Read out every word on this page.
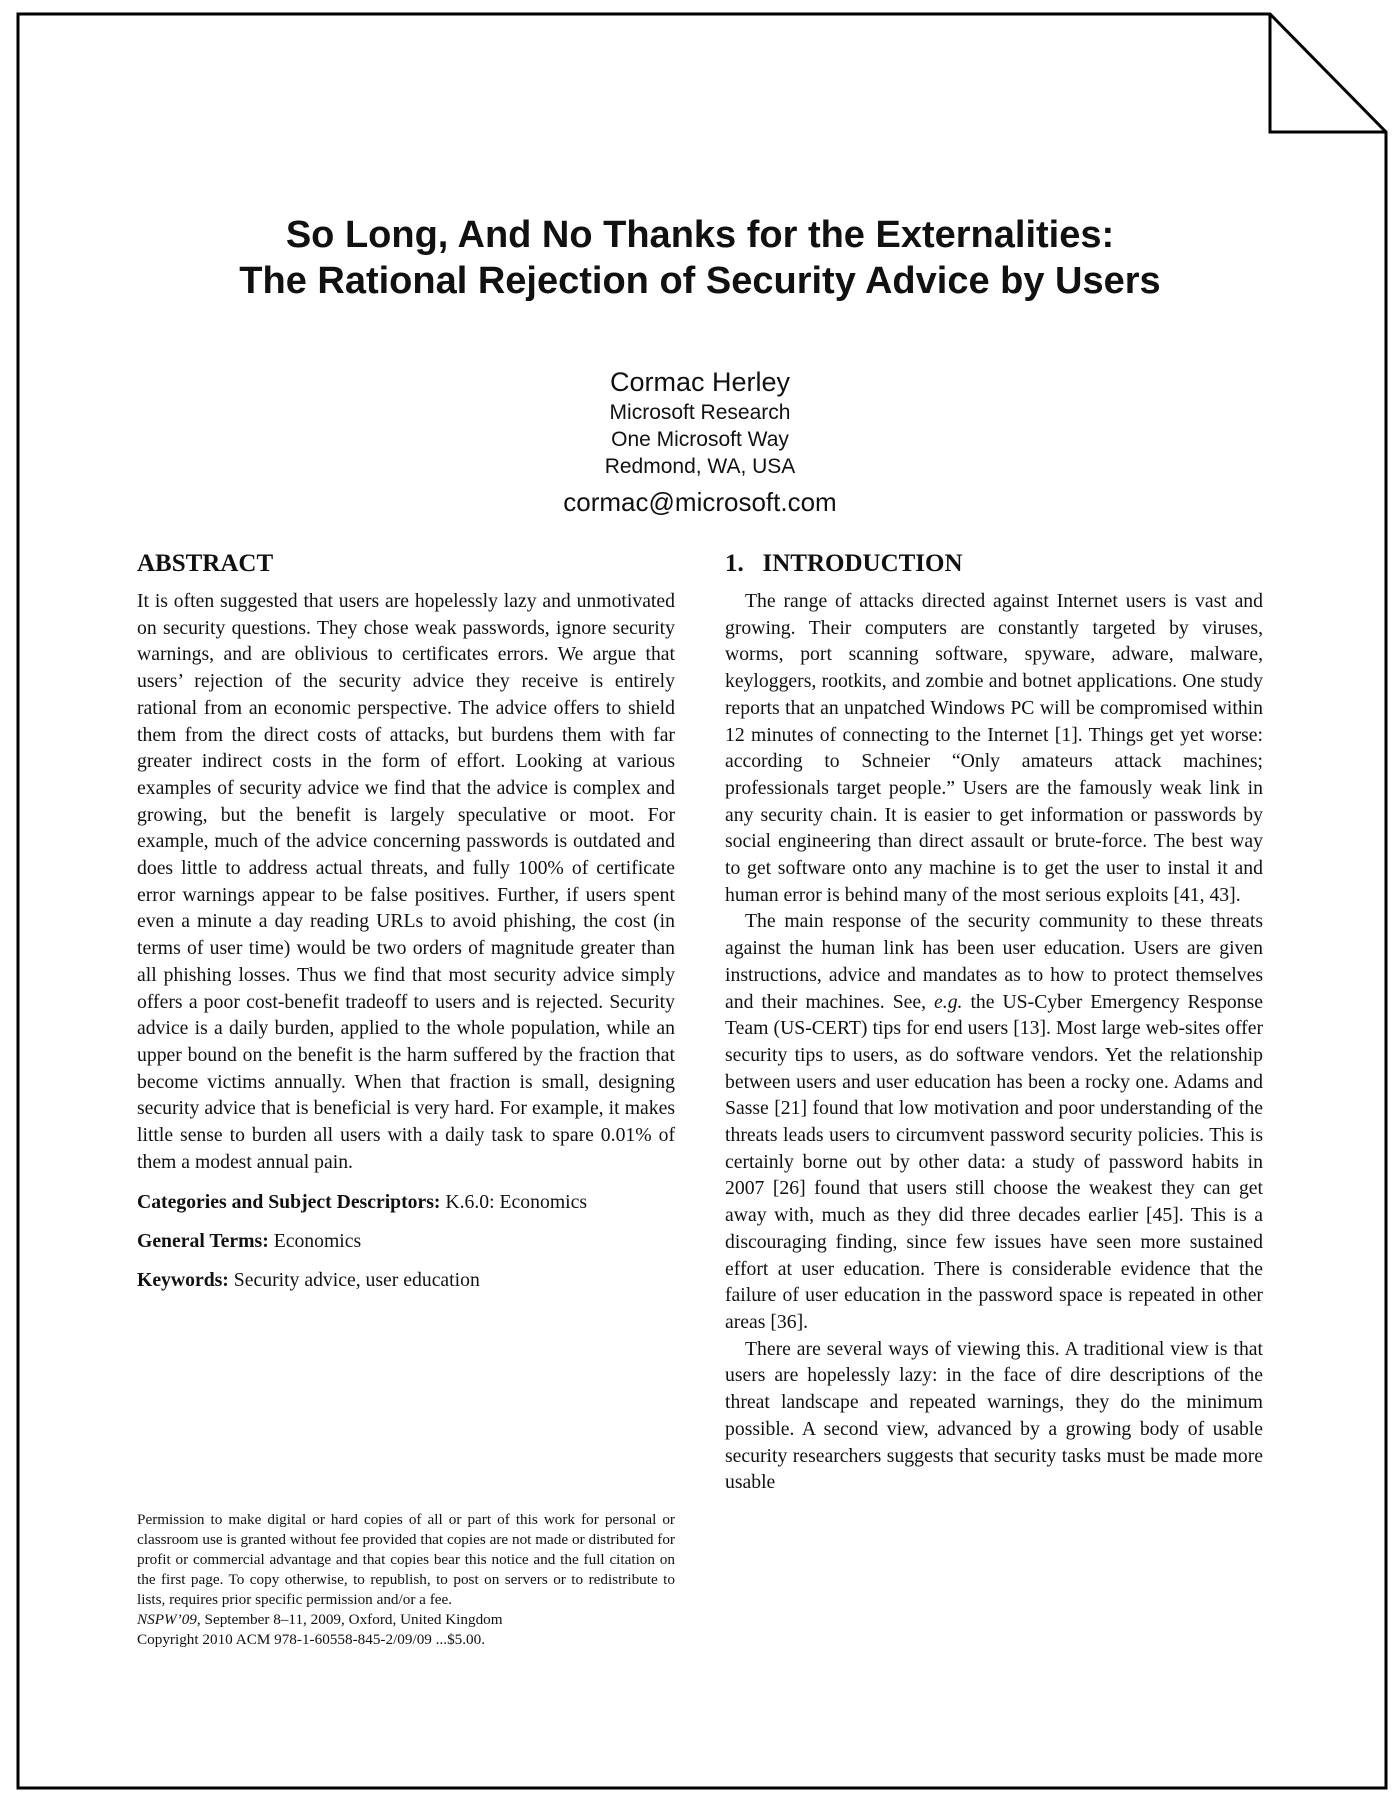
So Long, And No Thanks for the Externalities:
The Rational Rejection of Security Advice by Users
Cormac Herley
Microsoft Research
One Microsoft Way
Redmond, WA, USA
cormac@microsoft.com
ABSTRACT

It is often suggested that users are hopelessly lazy and unmotivated on security questions. They chose weak passwords, ignore security warnings, and are oblivious to certificates errors. We argue that users’ rejection of the security advice they receive is entirely rational from an economic perspective. The advice offers to shield them from the direct costs of attacks, but burdens them with far greater indirect costs in the form of effort. Looking at various examples of security advice we find that the advice is complex and growing, but the benefit is largely speculative or moot. For example, much of the advice concerning passwords is outdated and does little to address actual threats, and fully 100% of certificate error warnings appear to be false positives. Further, if users spent even a minute a day reading URLs to avoid phishing, the cost (in terms of user time) would be two orders of magnitude greater than all phishing losses. Thus we find that most security advice simply offers a poor cost-benefit tradeoff to users and is rejected. Security advice is a daily burden, applied to the whole population, while an upper bound on the benefit is the harm suffered by the fraction that become victims annually. When that fraction is small, designing security advice that is beneficial is very hard. For example, it makes little sense to burden all users with a daily task to spare 0.01% of them a modest annual pain.

Categories and Subject Descriptors: K.6.0: Economics

General Terms: Economics

Keywords: Security advice, user education

Permission to make digital or hard copies of all or part of this work for personal or classroom use is granted without fee provided that copies are not made or distributed for profit or commercial advantage and that copies bear this notice and the full citation on the first page. To copy otherwise, to republish, to post on servers or to redistribute to lists, requires prior specific permission and/or a fee.

NSPW’09, September 8–11, 2009, Oxford, United Kingdom

Copyright 2010 ACM 978-1-60558-845-2/09/09 ...$5.00.

1.   INTRODUCTION

The range of attacks directed against Internet users is vast and growing. Their computers are constantly targeted by viruses, worms, port scanning software, spyware, adware, malware, keyloggers, rootkits, and zombie and botnet applications. One study reports that an unpatched Windows PC will be compromised within 12 minutes of connecting to the Internet [1]. Things get yet worse: according to Schneier “Only amateurs attack machines; professionals target people.” Users are the famously weak link in any security chain. It is easier to get information or passwords by social engineering than direct assault or brute-force. The best way to get software onto any machine is to get the user to instal it and human error is behind many of the most serious exploits [41, 43].

The main response of the security community to these threats against the human link has been user education. Users are given instructions, advice and mandates as to how to protect themselves and their machines. See, e.g. the US-Cyber Emergency Response Team (US-CERT) tips for end users [13]. Most large web-sites offer security tips to users, as do software vendors. Yet the relationship between users and user education has been a rocky one. Adams and Sasse [21] found that low motivation and poor understanding of the threats leads users to circumvent password security policies. This is certainly borne out by other data: a study of password habits in 2007 [26] found that users still choose the weakest they can get away with, much as they did three decades earlier [45]. This is a discouraging finding, since few issues have seen more sustained effort at user education. There is considerable evidence that the failure of user education in the password space is repeated in other areas [36].

There are several ways of viewing this. A traditional view is that users are hopelessly lazy: in the face of dire descriptions of the threat landscape and repeated warnings, they do the minimum possible. A second view, advanced by a growing body of usable security researchers suggests that security tasks must be made more usable
